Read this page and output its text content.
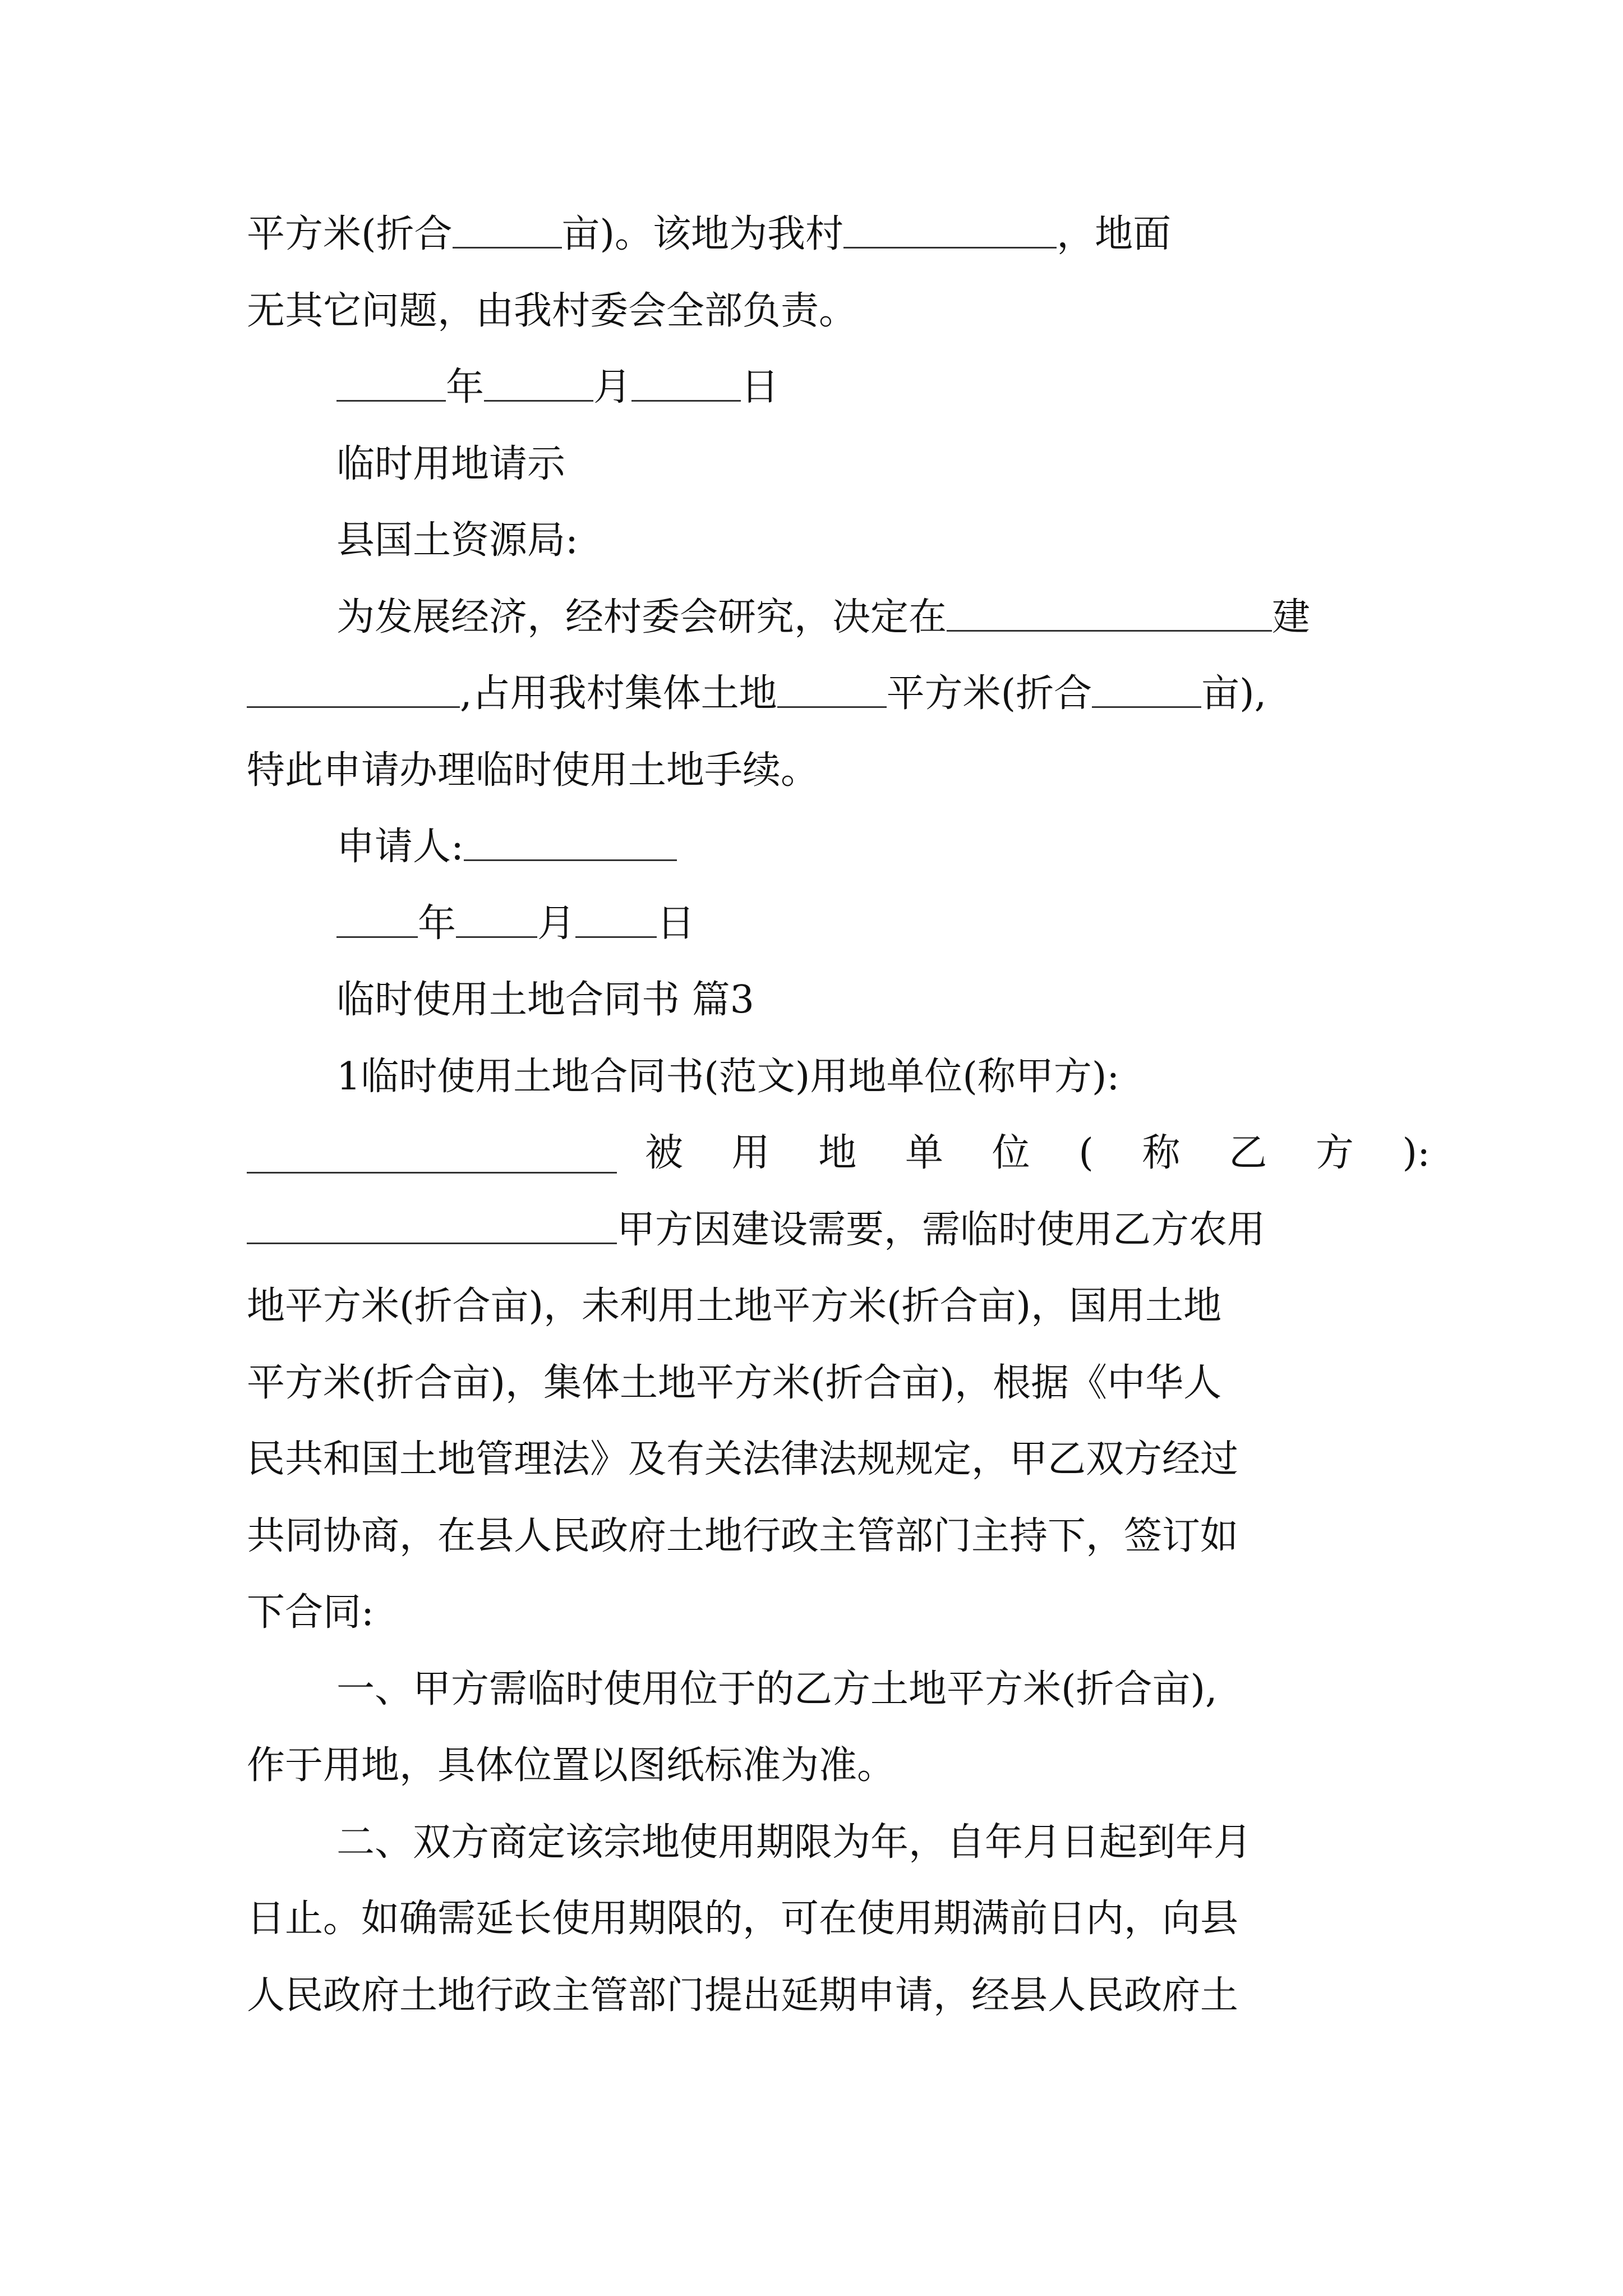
平方米(折合	亩)。该地为我村	，地面
无其它问题，由我村委会全部负责。
年	月	日
临时用地请示
县国土资源局:
为发展经济，经村委会研究，决定在	建
,占用我村集体土地	平方米(折合	亩),
特此申请办理临时使用土地手续。
申请人:
年 月 日
临时使用土地合同书 篇3
1临时使用土地合同书(范文)用地单位(称甲方):
被用地单位(称乙方):
甲方因建设需要，需临时使用乙方农用
地平方米(折合亩)，未利用土地平方米(折合亩)，国用土地
平方米(折合亩)，集体土地平方米(折合亩)，根据《中华人
民共和国土地管理法》及有关法律法规规定，甲乙双方经过
共同协商，在县人民政府土地行政主管部门主持下，签订如
下合同:
一、甲方需临时使用位于的乙方土地平方米(折合亩),
作于用地，具体位置以图纸标准为准。
二、双方商定该宗地使用期限为年，自年月日起到年月
日止。如确需延长使用期限的，可在使用期满前日内，向县
人民政府土地行政主管部门提出延期申请，经县人民政府土
